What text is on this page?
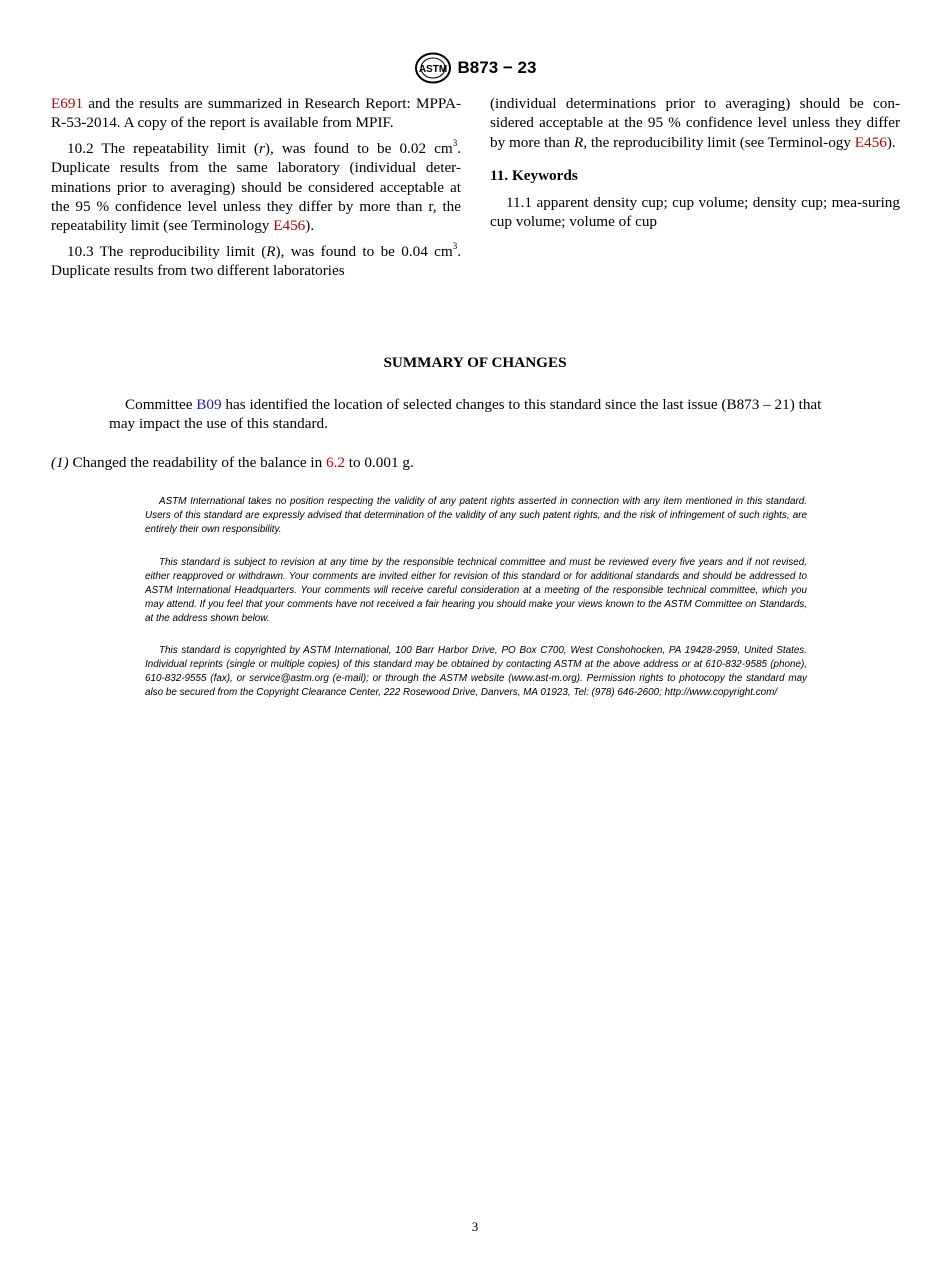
ASTM B873 − 23

E691 and the results are summarized in Research Report: MPPA-R-53-2014. A copy of the report is available from MPIF.

10.2 The repeatability limit (r), was found to be 0.02 $cm^3$. Duplicate results from the same laboratory (individual deter-minations prior to averaging) should be considered acceptable at the 95 % confidence level unless they differ by more than r, the repeatability limit (see Terminology E456).

10.3 The reproducibility limit (R), was found to be 0.04 $cm^3$. Duplicate results from two different laboratories

(individual determinations prior to averaging) should be con-sidered acceptable at the 95 % confidence level unless they differ by more than R, the reproducibility limit (see Terminol-ogy E456).

11. Keywords

11.1 apparent density cup; cup volume; density cup; mea-suring cup volume; volume of cup

SUMMARY OF CHANGES
Committee B09 has identified the location of selected changes to this standard since the last issue (B873 – 21) that may impact the use of this standard.
(1) Changed the readability of the balance in 6.2 to 0.001 g.
ASTM International takes no position respecting the validity of any patent rights asserted in connection with any item mentioned in this standard. Users of this standard are expressly advised that determination of the validity of any such patent rights, and the risk of infringement of such rights, are entirely their own responsibility.
This standard is subject to revision at any time by the responsible technical committee and must be reviewed every five years and if not revised, either reapproved or withdrawn. Your comments are invited either for revision of this standard or for additional standards and should be addressed to ASTM International Headquarters. Your comments will receive careful consideration at a meeting of the responsible technical committee, which you may attend. If you feel that your comments have not received a fair hearing you should make your views known to the ASTM Committee on Standards, at the address shown below.
This standard is copyrighted by ASTM International, 100 Barr Harbor Drive, PO Box C700, West Conshohocken, PA 19428-2959, United States. Individual reprints (single or multiple copies) of this standard may be obtained by contacting ASTM at the above address or at 610-832-9585 (phone), 610-832-9555 (fax), or service@astm.org (e-mail); or through the ASTM website (www.ast-m.org). Permission rights to photocopy the standard may also be secured from the Copyright Clearance Center, 222 Rosewood Drive, Danvers, MA 01923, Tel: (978) 646-2600; http://www.copyright.com/
3
